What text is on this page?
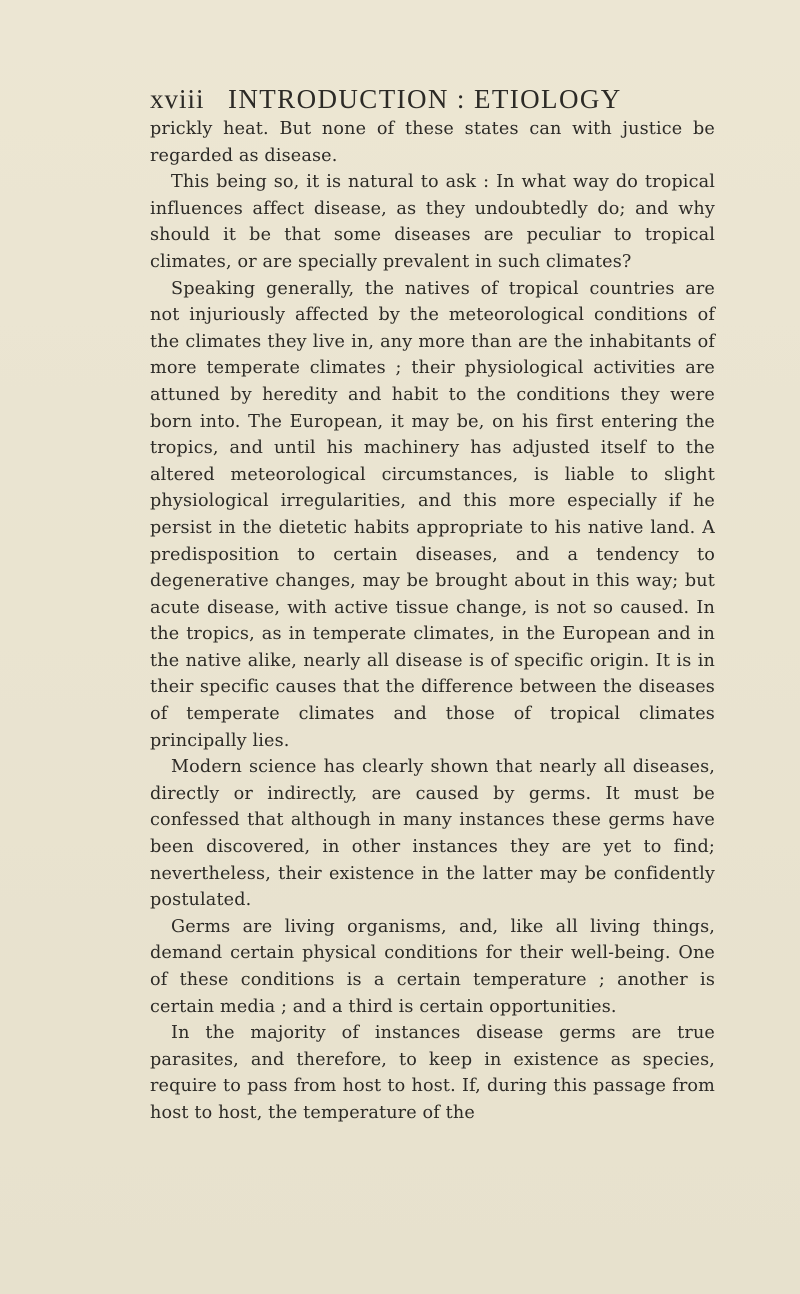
xviii INTRODUCTION : ETIOLOGY

prickly heat. But none of these states can with justice be regarded as disease.

This being so, it is natural to ask : In what way do tropical influences affect disease, as they undoubtedly do; and why should it be that some diseases are peculiar to tropical climates, or are specially prevalent in such climates?

Speaking generally, the natives of tropical countries are not injuriously affected by the meteorological conditions of the climates they live in, any more than are the inhabitants of more temperate climates ; their physiological activities are attuned by heredity and habit to the conditions they were born into. The European, it may be, on his first entering the tropics, and until his machinery has adjusted itself to the altered meteorological circumstances, is liable to slight physiological irregularities, and this more especially if he persist in the dietetic habits appropriate to his native land. A predisposition to certain diseases, and a tendency to degenerative changes, may be brought about in this way; but acute disease, with active tissue change, is not so caused. In the tropics, as in temperate climates, in the European and in the native alike, nearly all disease is of specific origin. It is in their specific causes that the difference between the diseases of temperate climates and those of tropical climates principally lies.

Modern science has clearly shown that nearly all diseases, directly or indirectly, are caused by germs. It must be confessed that although in many instances these germs have been discovered, in other instances they are yet to find; nevertheless, their existence in the latter may be confidently postulated.

Germs are living organisms, and, like all living things, demand certain physical conditions for their well-being. One of these conditions is a certain temperature ; another is certain media ; and a third is certain opportunities.

In the majority of instances disease germs are true parasites, and therefore, to keep in existence as species, require to pass from host to host. If, during this passage from host to host, the temperature of the
